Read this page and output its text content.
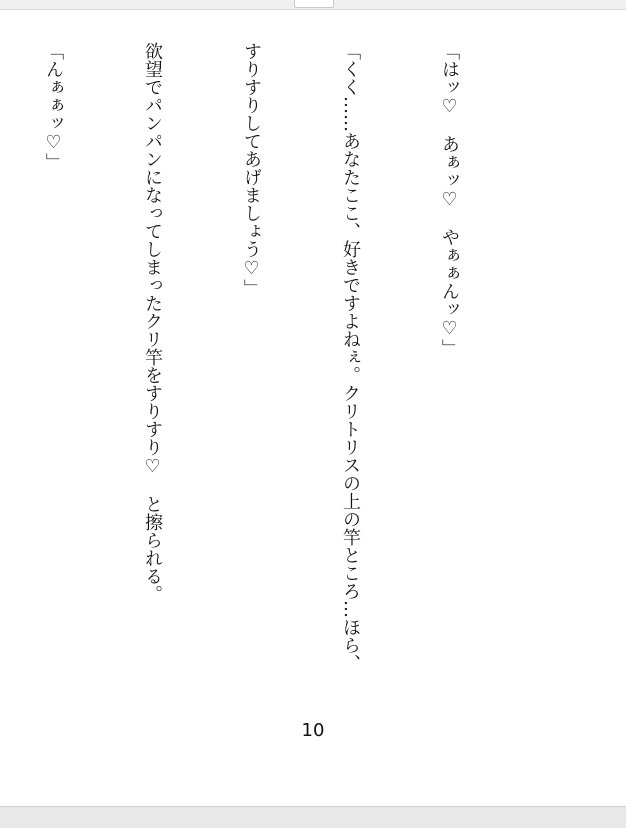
「はッ♡　あぁッ♡　やぁぁんッ♡」

「くく……あなたここ、好きですよねぇ。クリトリスの上の竿ところ…ほら、

すりすりしてあげましょう♡」

欲望でパンパンになってしまったクリ竿をすりすり♡　と擦られる。

「んぁぁッ♡」

10
